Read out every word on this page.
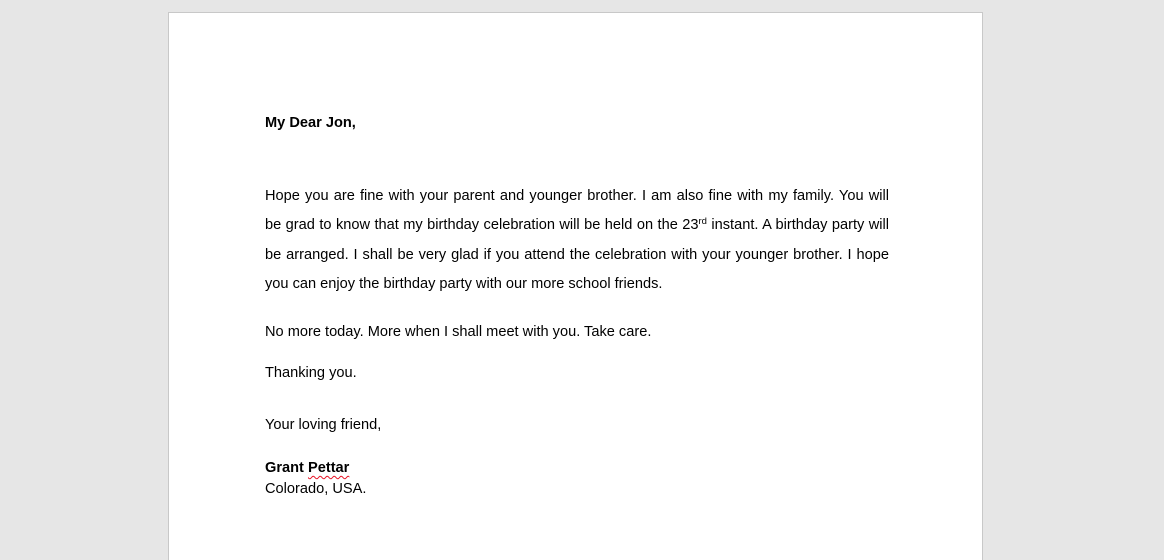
My Dear Jon,

Hope you are fine with your parent and younger brother. I am also fine with my family. You will be grad to know that my birthday celebration will be held on the 23rd instant. A birthday party will be arranged. I shall be very glad if you attend the celebration with your younger brother. I hope you can enjoy the birthday party with our more school friends.

No more today. More when I shall meet with you. Take care.
Thanking you.
Your loving friend,
Grant Pettar
Colorado, USA.
